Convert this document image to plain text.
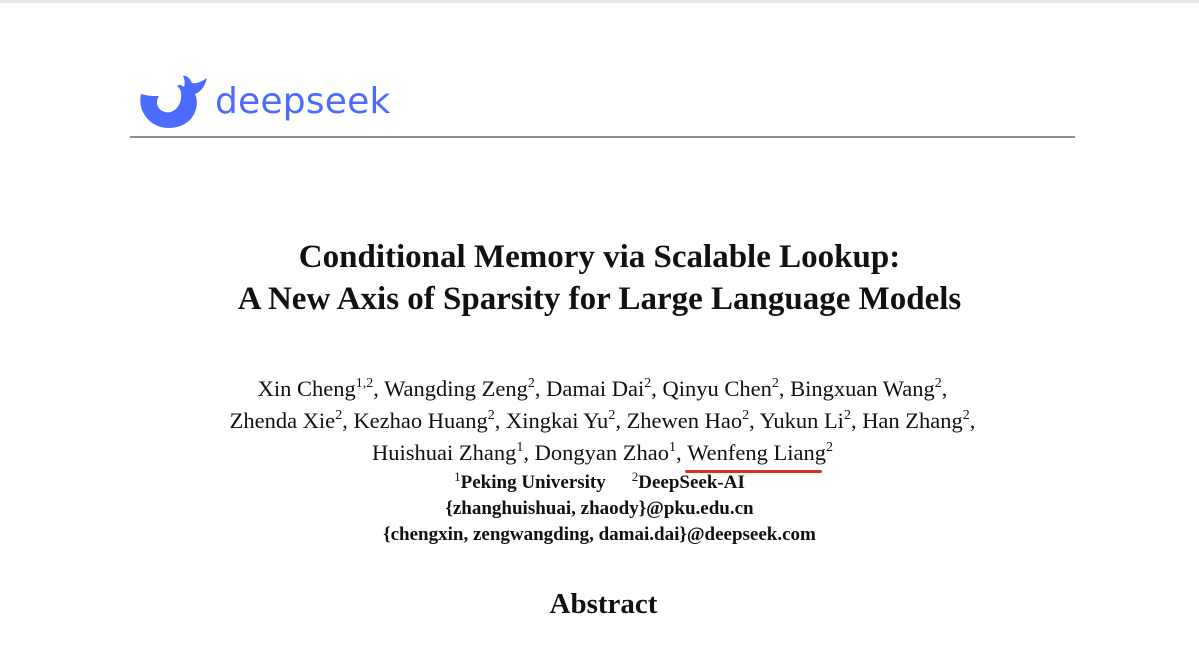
deepseek
Conditional Memory via Scalable Lookup:
A New Axis of Sparsity for Large Language Models
Xin Cheng$^{1,2}$, Wangding Zeng$^2$, Damai Dai$^2$, Qinyu Chen$^2$, Bingxuan Wang$^2$,
Zhenda Xie$^2$, Kezhao Huang$^2$, Xingkai Yu$^2$, Zhewen Hao$^2$, Yukun Li$^2$, Han Zhang$^2$,
Huishuai Zhang$^1$, Dongyan Zhao$^1$, Wenfeng Liang
$^2$
$^1$Peking University $^2$DeepSeek-AI
{zhanghuishuai, zhaody}@pku.edu.cn
{chengxin, zengwangding, damai.dai}@deepseek.com
Abstract
